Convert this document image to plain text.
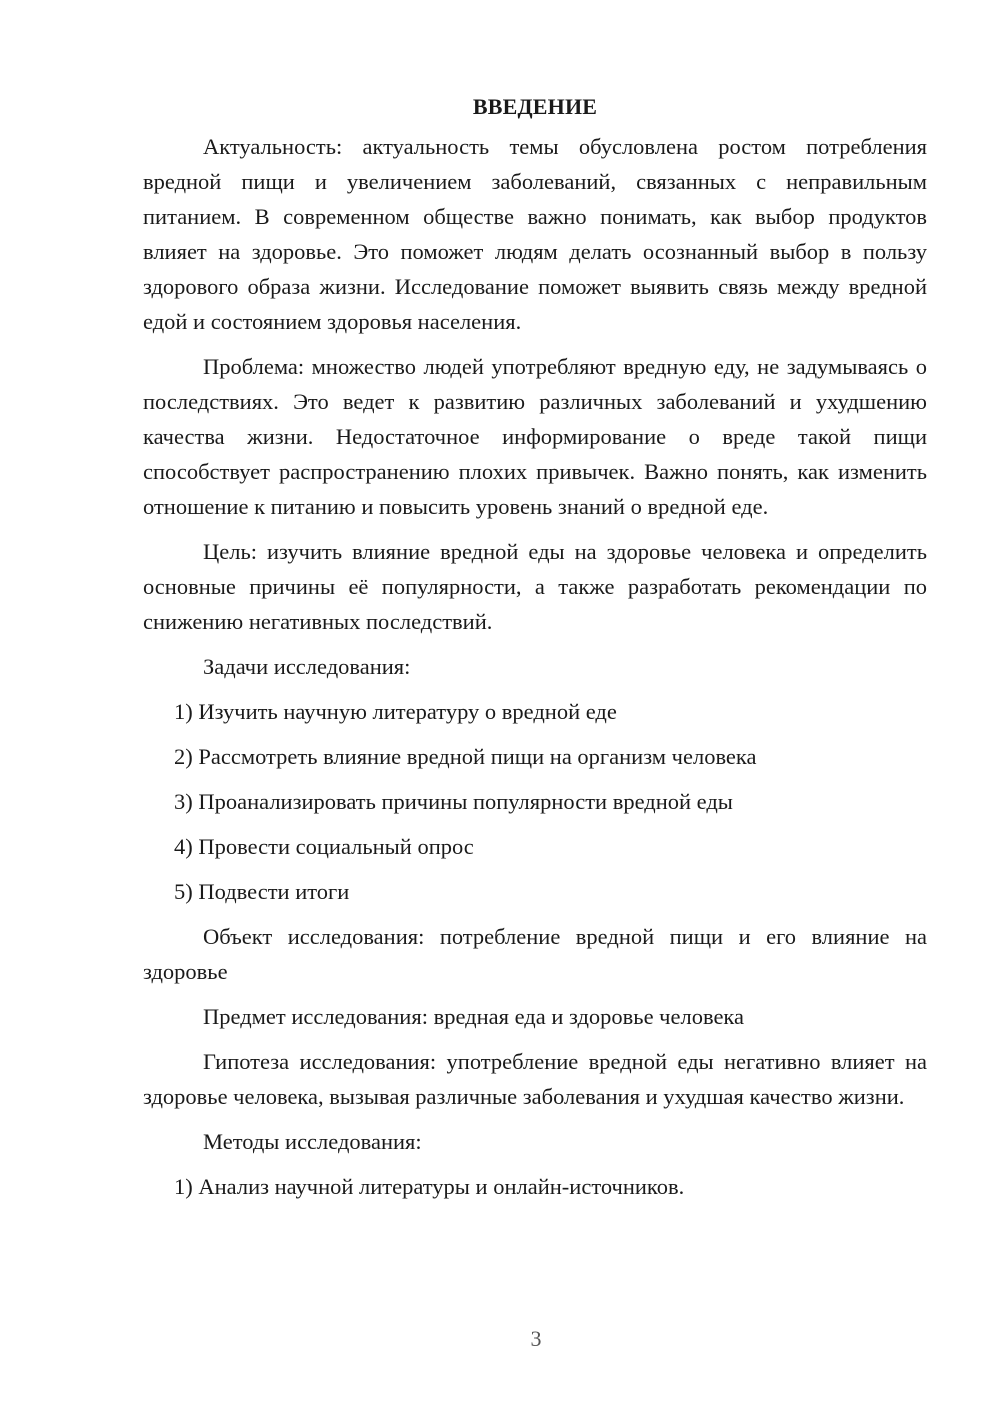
ВВЕДЕНИЕ
Актуальность: актуальность темы обусловлена ростом потребления вредной пищи и увеличением заболеваний, связанных с неправильным питанием. В современном обществе важно понимать, как выбор продуктов влияет на здоровье. Это поможет людям делать осознанный выбор в пользу здорового образа жизни. Исследование поможет выявить связь между вредной едой и состоянием здоровья населения.
Проблема: множество людей употребляют вредную еду, не задумываясь о последствиях. Это ведет к развитию различных заболеваний и ухудшению качества жизни. Недостаточное информирование о вреде такой пищи способствует распространению плохих привычек. Важно понять, как изменить отношение к питанию и повысить уровень знаний о вредной еде.
Цель: изучить влияние вредной еды на здоровье человека и определить основные причины её популярности, а также разработать рекомендации по снижению негативных последствий.
Задачи исследования:
1) Изучить научную литературу о вредной еде
2) Рассмотреть влияние вредной пищи на организм человека
3) Проанализировать причины популярности вредной еды
4) Провести социальный опрос
5) Подвести итоги
Объект исследования: потребление вредной пищи и его влияние на здоровье
Предмет исследования: вредная еда и здоровье человека
Гипотеза исследования: употребление вредной еды негативно влияет на здоровье человека, вызывая различные заболевания и ухудшая качество жизни.
Методы исследования:
1) Анализ научной литературы и онлайн-источников.
3
